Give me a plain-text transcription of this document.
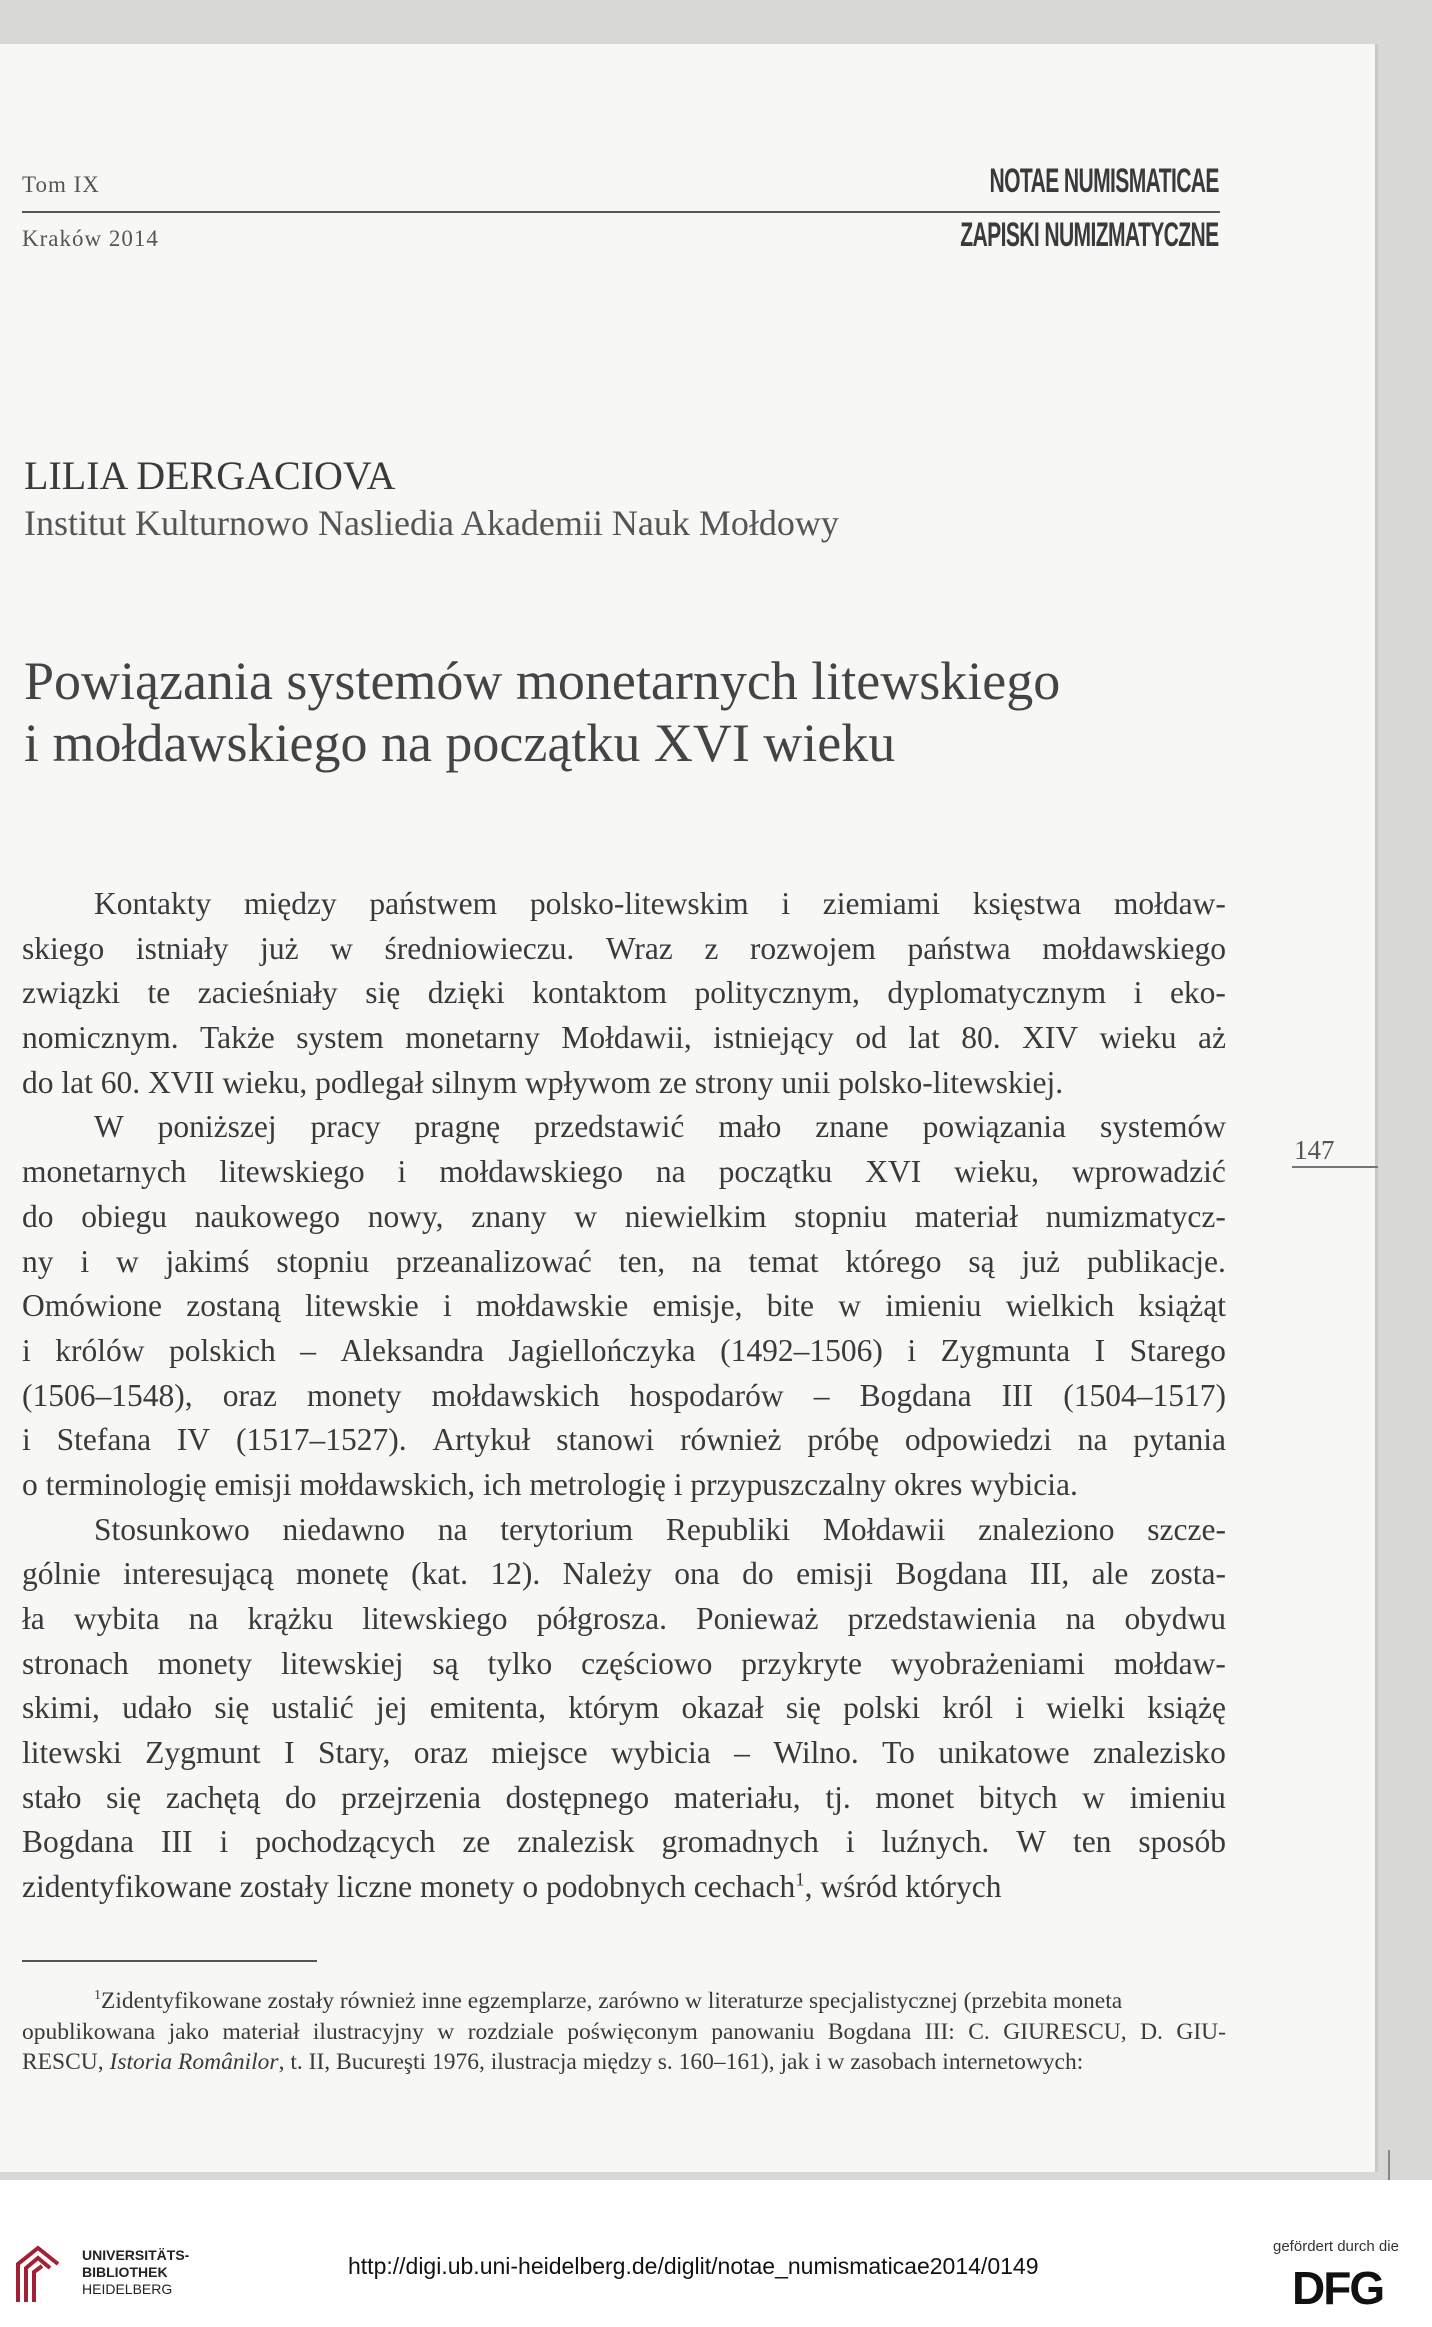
Tom IX
Kraków 2014
NOTAE NUMISMATICAE
ZAPISKI NUMIZMATYCZNE
LILIA DERGACIOVA
Institut Kulturnowo Nasliedia Akademii Nauk Mołdowy
Powiązania systemów monetarnych litewskiego
i mołdawskiego na początku XVI wieku
Kontakty między państwem polsko-litewskim i ziemiami księstwa mołdaw-
skiego istniały już w średniowieczu. Wraz z rozwojem państwa mołdawskiego
związki te zacieśniały się dzięki kontaktom politycznym, dyplomatycznym i eko-
nomicznym. Także system monetarny Mołdawii, istniejący od lat 80. XIV wieku aż
do lat 60. XVII wieku, podlegał silnym wpływom ze strony unii polsko-litewskiej.
W poniższej pracy pragnę przedstawić mało znane powiązania systemów
monetarnych litewskiego i mołdawskiego na początku XVI wieku, wprowadzić
do obiegu naukowego nowy, znany w niewielkim stopniu materiał numizmatycz-
ny i w jakimś stopniu przeanalizować ten, na temat którego są już publikacje.
Omówione zostaną litewskie i mołdawskie emisje, bite w imieniu wielkich książąt
i królów polskich – Aleksandra Jagiellończyka (1492–1506) i Zygmunta I Starego
(1506–1548), oraz monety mołdawskich hospodarów – Bogdana III (1504–1517)
i Stefana IV (1517–1527). Artykuł stanowi również próbę odpowiedzi na pytania
o terminologię emisji mołdawskich, ich metrologię i przypuszczalny okres wybicia.
Stosunkowo niedawno na terytorium Republiki Mołdawii znaleziono szcze-
gólnie interesującą monetę (kat. 12). Należy ona do emisji Bogdana III, ale zosta-
ła wybita na krążku litewskiego półgrosza. Ponieważ przedstawienia na obydwu
stronach monety litewskiej są tylko częściowo przykryte wyobrażeniami mołdaw-
skimi, udało się ustalić jej emitenta, którym okazał się polski król i wielki książę
litewski Zygmunt I Stary, oraz miejsce wybicia – Wilno. To unikatowe znalezisko
stało się zachętą do przejrzenia dostępnego materiału, tj. monet bitych w imieniu
Bogdana III i pochodzących ze znalezisk gromadnych i luźnych. W ten sposób
zidentyfikowane zostały liczne monety o podobnych cechach$^1$, wśród których
147
$^1$Zidentyfikowane zostały również inne egzemplarze, zarówno w literaturze specjalistycznej (przebita moneta
opublikowana jako materiał ilustracyjny w rozdziale poświęconym panowaniu Bogdana III: C. GIURESCU, D. GIU-
RESCU, Istoria Românilor, t. II, Bucureşti 1976, ilustracja między s. 160–161), jak i w zasobach internetowych:
UNIVERSITÄTS-
BIBLIOTHEK
HEIDELBERG
http://digi.ub.uni-heidelberg.de/diglit/notae_numismaticae2014/0149
gefördert durch die
DFG
